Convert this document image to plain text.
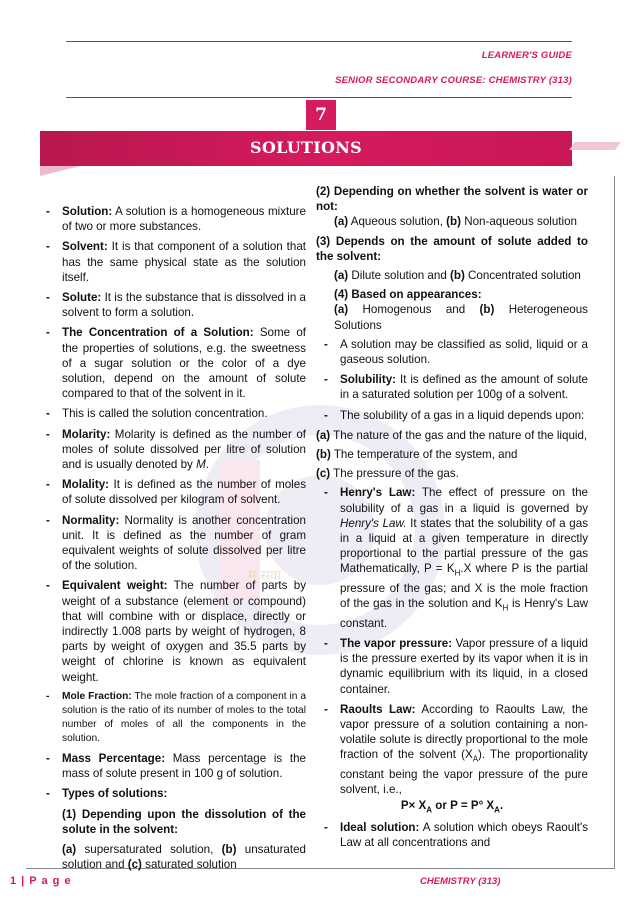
LEARNER'S GUIDE
SENIOR SECONDARY COURSE: CHEMISTRY (313)
7
SOLUTIONS
म् सवा
- Solution: A solution is a homogeneous mixture of two or more substances.
- Solvent: It is that component of a solution that has the same physical state as the solution itself.
- Solute: It is the substance that is dissolved in a solvent to form a solution.
- The Concentration of a Solution: Some of the properties of solutions, e.g. the sweetness of a sugar solution or the color of a dye solution, depend on the amount of solute compared to that of the solvent in it.
- This is called the solution concentration.
- Molarity: Molarity is defined as the number of moles of solute dissolved per litre of solution and is usually denoted by M.
- Molality: It is defined as the number of moles of solute dissolved per kilogram of solvent.
- Normality: Normality is another concentration unit. It is defined as the number of gram equivalent weights of solute dissolved per litre of the solution.
- Equivalent weight: The number of parts by weight of a substance (element or compound) that will combine with or displace, directly or indirectly 1.008 parts by weight of hydrogen, 8 parts by weight of oxygen and 35.5 parts by weight of chlorine is known as equivalent weight.
- Mole Fraction: The mole fraction of a component in a solution is the ratio of its number of moles to the total number of moles of all the components in the solution.
- Mass Percentage: Mass percentage is the mass of solute present in 100 g of solution.
- Types of solutions:
(1) Depending upon the dissolution of the solute in the solvent:
(a) supersaturated solution, (b) unsaturated solution and (c) saturated solution
(2) Depending on whether the solvent is water or not:
(a) Aqueous solution, (b) Non-aqueous solution
(3) Depends on the amount of solute added to the solvent:
(a) Dilute solution and (b) Concentrated solution
(4) Based on appearances:
(a) Homogenous and (b) Heterogeneous Solutions
- A solution may be classified as solid, liquid or a gaseous solution.
- Solubility: It is defined as the amount of solute in a saturated solution per 100g of a solvent.
- The solubility of a gas in a liquid depends upon:
(a) The nature of the gas and the nature of the liquid,
(b) The temperature of the system, and
(c) The pressure of the gas.
- Henry's Law: The effect of pressure on the solubility of a gas in a liquid is governed by Henry's Law. It states that the solubility of a gas in a liquid at a given temperature in directly proportional to the partial pressure of the gas Mathematically, $P = K_H.X$ where P is the partial pressure of the gas; and X is the mole fraction of the gas in the solution and $K_H$ is Henry's Law constant.
- The vapor pressure: Vapor pressure of a liquid is the pressure exerted by its vapor when it is in dynamic equilibrium with its liquid, in a closed container.
- Raoults Law: According to Raoults Law, the vapor pressure of a solution containing a non-volatile solute is directly proportional to the mole fraction of the solvent $(X_A)$. The proportionality constant being the vapor pressure of the pure solvent, i.e.,
$P\times X_A$ or P = P° $X_A$.
- Ideal solution: A solution which obeys Raoult's Law at all concentrations and
1 | P a g e	CHEMISTRY (313)
